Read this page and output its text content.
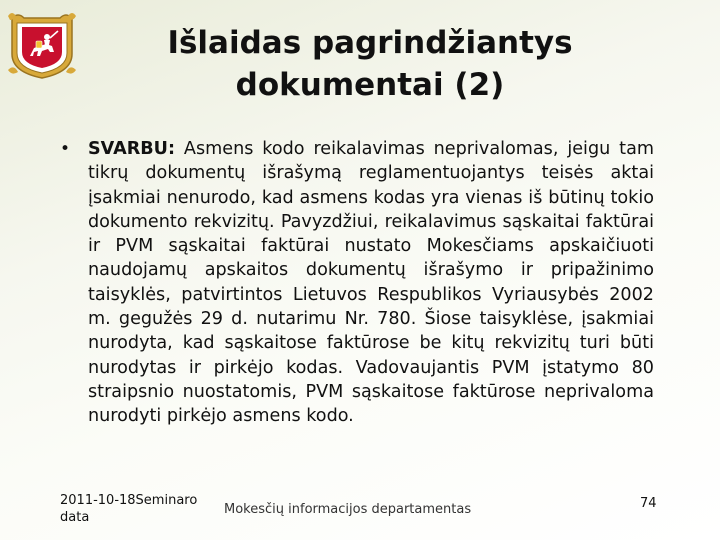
Išlaidas pagrindžiantys dokumentai (2)

• SVARBU: Asmens kodo reikalavimas neprivalomas, jeigu tam tikrų dokumentų išrašymą reglamentuojantys teisės aktai įsakmiai nenurodo, kad asmens kodas yra vienas iš būtinų tokio dokumento rekvizitų. Pavyzdžiui, reikalavimus sąskaitai faktūrai ir PVM sąskaitai faktūrai nustato Mokesčiams apskaičiuoti naudojamų apskaitos dokumentų išrašymo ir pripažinimo taisyklės, patvirtintos Lietuvos Respublikos Vyriausybės 2002 m. gegužės 29 d. nutarimu Nr. 780. Šiose taisyklėse, įsakmiai nurodyta, kad sąskaitose faktūrose be kitų rekvizitų turi būti nurodytas ir pirkėjo kodas. Vadovaujantis PVM įstatymo 80 straipsnio nuostatomis, PVM sąskaitose faktūrose neprivaloma nurodyti pirkėjo asmens kodo.

2011-10-18Seminaro data
Mokesčių informacijos departamentas	74
